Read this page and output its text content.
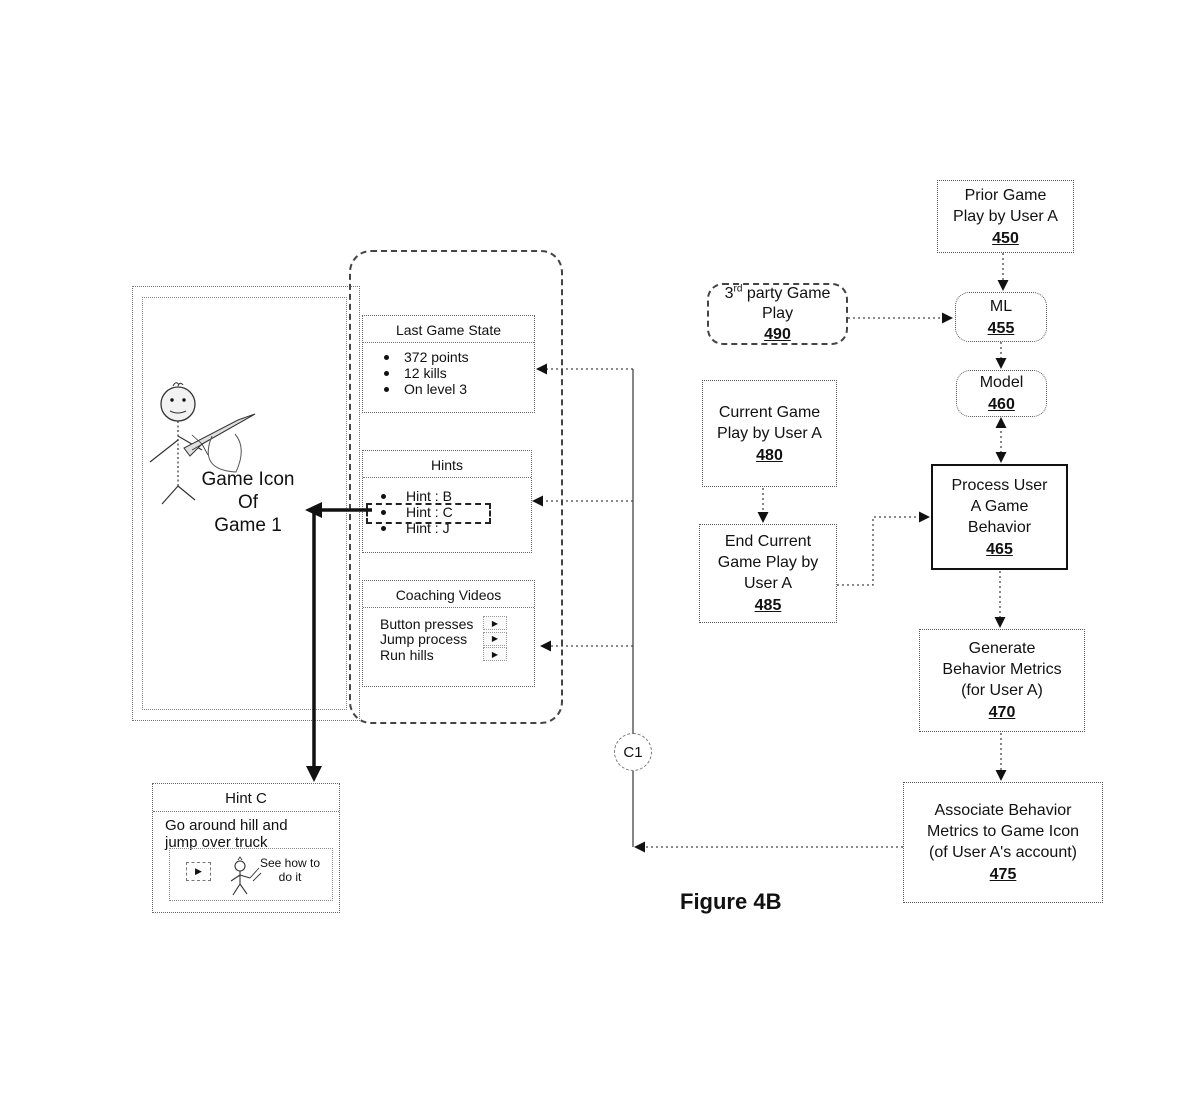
Game Icon
Of
Game 1
Last Game State
372 points
12 kills
On level 3
Hints
Hint : B
Hint : C
Hint : J
Coaching Videos
Button presses	▶
Jump process	▶
Run hills	▶
Hint C
Go around hill and
jump over truck
▶
See how to
do it
C1
Prior Game
Play by User A
450
3rd party Game
Play
490
ML
455
Model
460
Current Game
Play by User A
480
Process User
A Game
Behavior
465
End Current
Game Play by
User A
485
Generate
Behavior Metrics
(for User A)
470
Associate Behavior
Metrics to Game Icon
(of User A's account)
475
Figure 4B
